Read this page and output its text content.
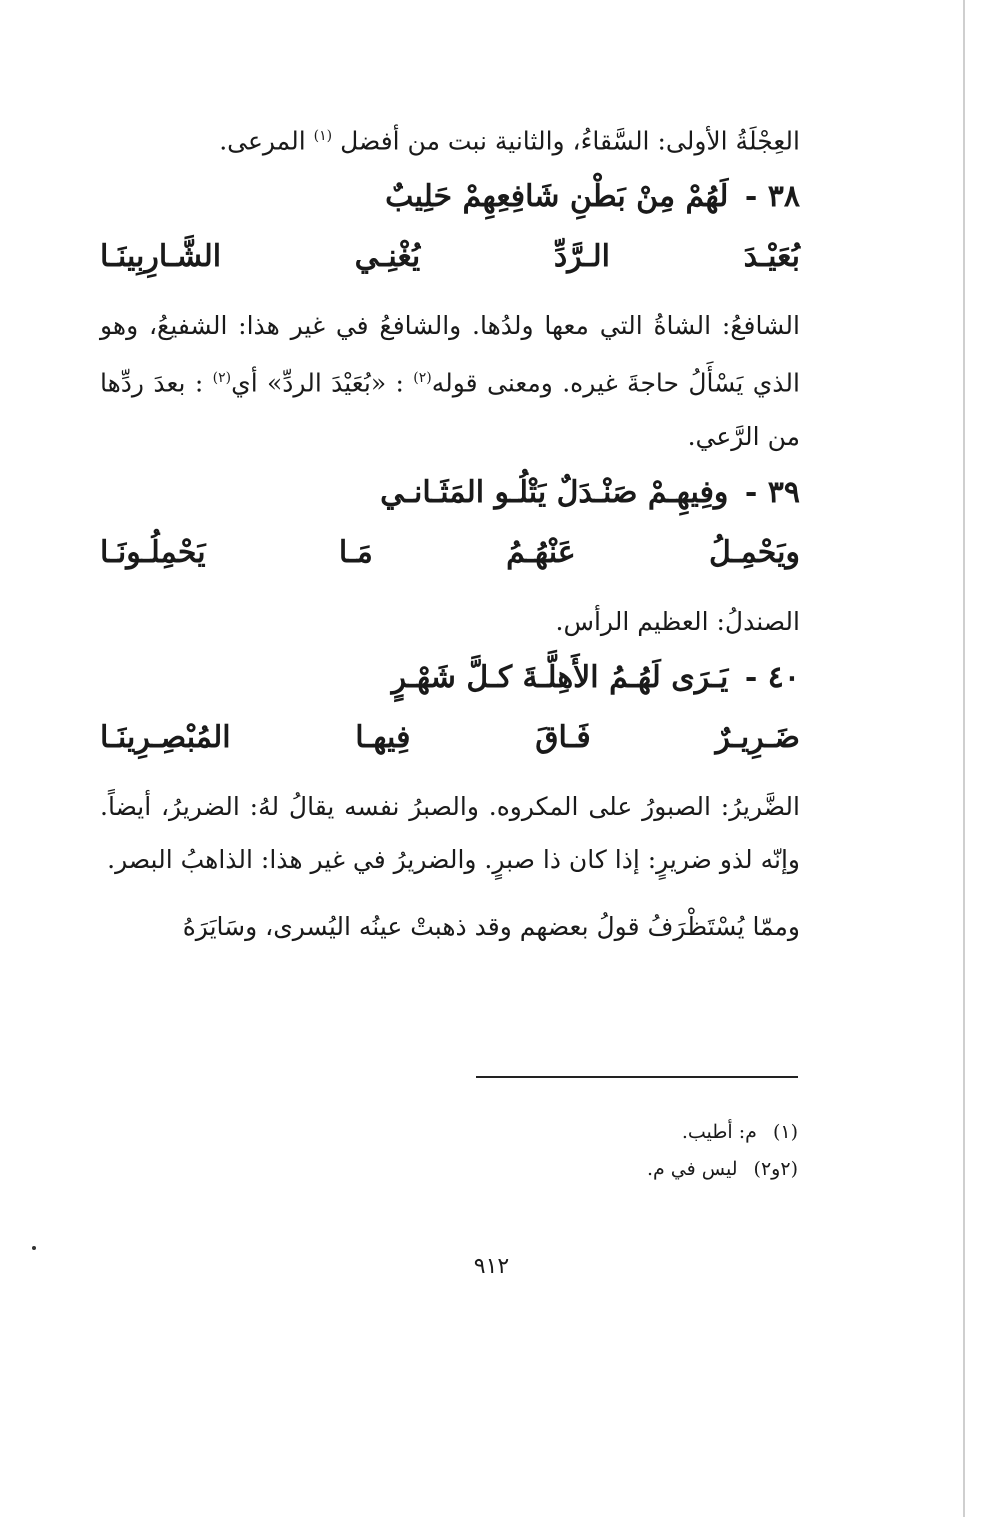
العِجْلَةُ الأولى: السَّقاءُ، والثانية نبت من أفضل $^{(١)}$ المرعى.

٣٨ - لَهُمْ مِنْ بَطْنِ شَافِعِهِمْ حَلِيبٌ

بُعَيْـدَ الـرَّدِّ يُغْنِـي الشَّـارِبِينَـا

الشافعُ: الشاةُ التي معها ولدُها. والشافعُ في غير هذا: الشفيعُ، وهو الذي يَسْأَلُ حاجةَ غيره. ومعنى قوله$^{(٢)}$ : «بُعَيْدَ الردِّ» أي$^{(٢)}$ : بعدَ ردِّها من الرَّعي.

٣٩ - وفِيهِـمْ صَنْـدَلٌ يَتْلُـو المَثَـانـي

ويَحْمِـلُ عَنْهُـمُ مَـا يَحْمِلُـونَـا

الصندلُ: العظيم الرأس.

٤٠ - يَـرَى لَهُـمُ الأَهِلَّـةَ كـلَّ شَهْـرٍ

ضَـرِيـرٌ فَـاقَ فِيهـا المُبْصِـرِينَـا

الضَّريرُ: الصبورُ على المكروه. والصبرُ نفسه يقالُ لهُ: الضريرُ، أيضاً. وإنّه لذو ضريرٍ: إذا كان ذا صبرٍ. والضريرُ في غير هذا: الذاهبُ البصر.

وممّا يُسْتَظْرَفُ قولُ بعضهم وقد ذهبتْ عينُه اليُسرى، وسَايَرَهُ

(١) م: أطيب.

(٢و٢) ليس في م.

٩١٢
